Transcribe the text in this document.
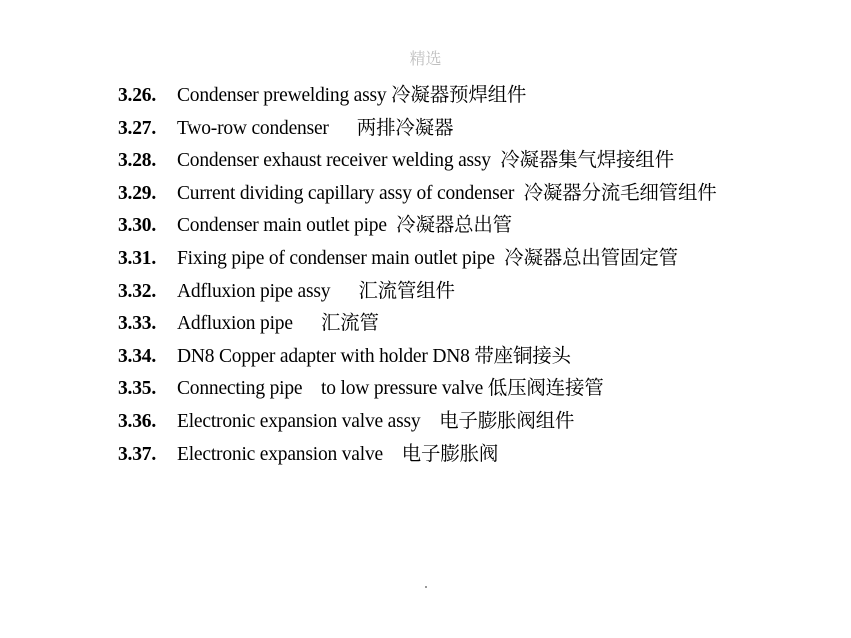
精选
3.26.	Condenser prewelding assy 冷凝器预焊组件
3.27.	Two-row condenser      两排冷凝器
3.28.	Condenser exhaust receiver welding assy  冷凝器集气焊接组件
3.29.	Current dividing capillary assy of condenser  冷凝器分流毛细管组件
3.30.	Condenser main outlet pipe  冷凝器总出管
3.31.	Fixing pipe of condenser main outlet pipe  冷凝器总出管固定管
3.32.	Adfluxion pipe assy      汇流管组件
3.33.	Adfluxion pipe      汇流管
3.34.	DN8 Copper adapter with holder DN8 带座铜接头
3.35.	Connecting pipe    to low pressure valve 低压阀连接管
3.36.	Electronic expansion valve assy    电子膨胀阀组件
3.37.	Electronic expansion valve    电子膨胀阀
